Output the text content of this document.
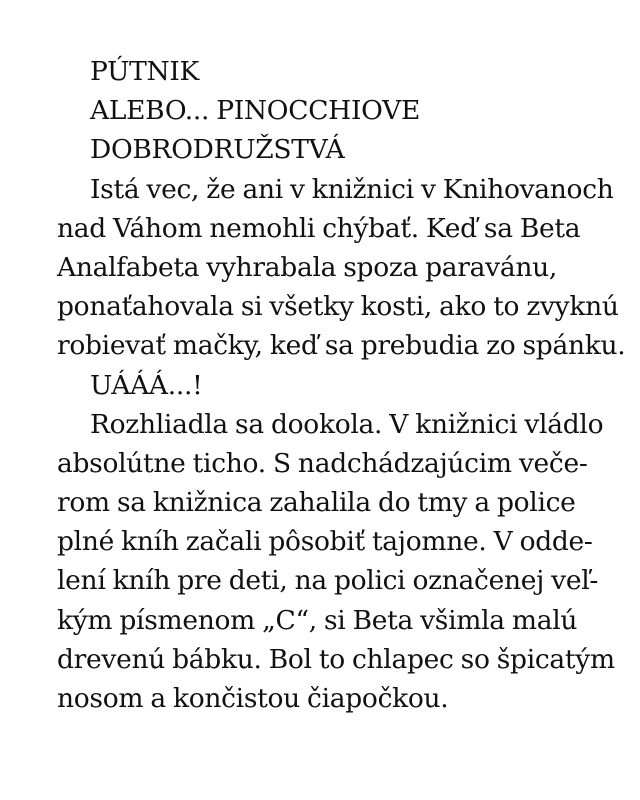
PÚTNIK
ALEBO... PINOCCHIOVE
DOBRODRUŽSTVÁ
Istá vec, že ani v knižnici v Knihovanoch
nad Váhom nemohli chýbať. Keď sa Beta
Analfabeta vyhrabala spoza paravánu,
ponaťahovala si všetky kosti, ako to zvyknú
robievať mačky, keď sa prebudia zo spánku.
UÁÁÁ...!
Rozhliadla sa dookola. V knižnici vládlo
absolútne ticho. S nadchádzajúcim veče-
rom sa knižnica zahalila do tmy a police
plné kníh začali pôsobiť tajomne. V odde-
lení kníh pre deti, na polici označenej veľ-
kým písmenom „C“, si Beta všimla malú
drevenú bábku. Bol to chlapec so špicatým
nosom a končistou čiapočkou.
